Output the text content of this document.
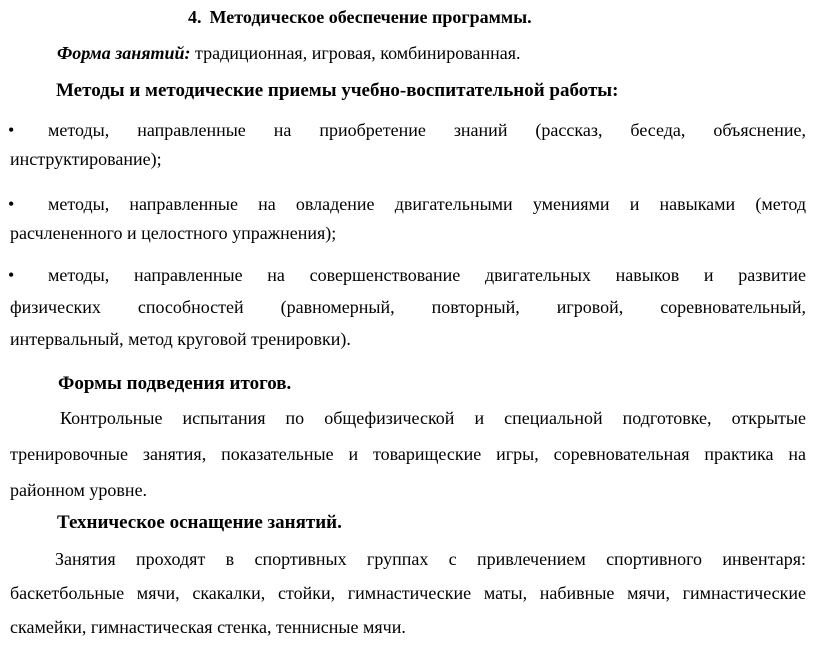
4. Методическое обеспечение программы.
Форма занятий: традиционная, игровая, комбинированная.
Методы и методические приемы учебно-воспитательной работы:
•	методы, направленные на приобретение знаний (рассказ, беседа, объяснение,
инструктирование);
•	методы, направленные на овладение двигательными умениями и навыками (метод
расчлененного и целостного упражнения);
•	методы, направленные на совершенствование двигательных навыков и развитие
физических способностей (равномерный, повторный, игровой, соревновательный,
интервальный, метод круговой тренировки).
Формы подведения итогов.
Контрольные испытания по общефизической и специальной подготовке, открытые
тренировочные занятия, показательные и товарищеские игры, соревновательная практика на
районном уровне.
Техническое оснащение занятий.
Занятия проходят в спортивных группах с привлечением спортивного инвентаря:
баскетбольные мячи, скакалки, стойки, гимнастические маты, набивные мячи, гимнастические
скамейки, гимнастическая стенка, теннисные мячи.
